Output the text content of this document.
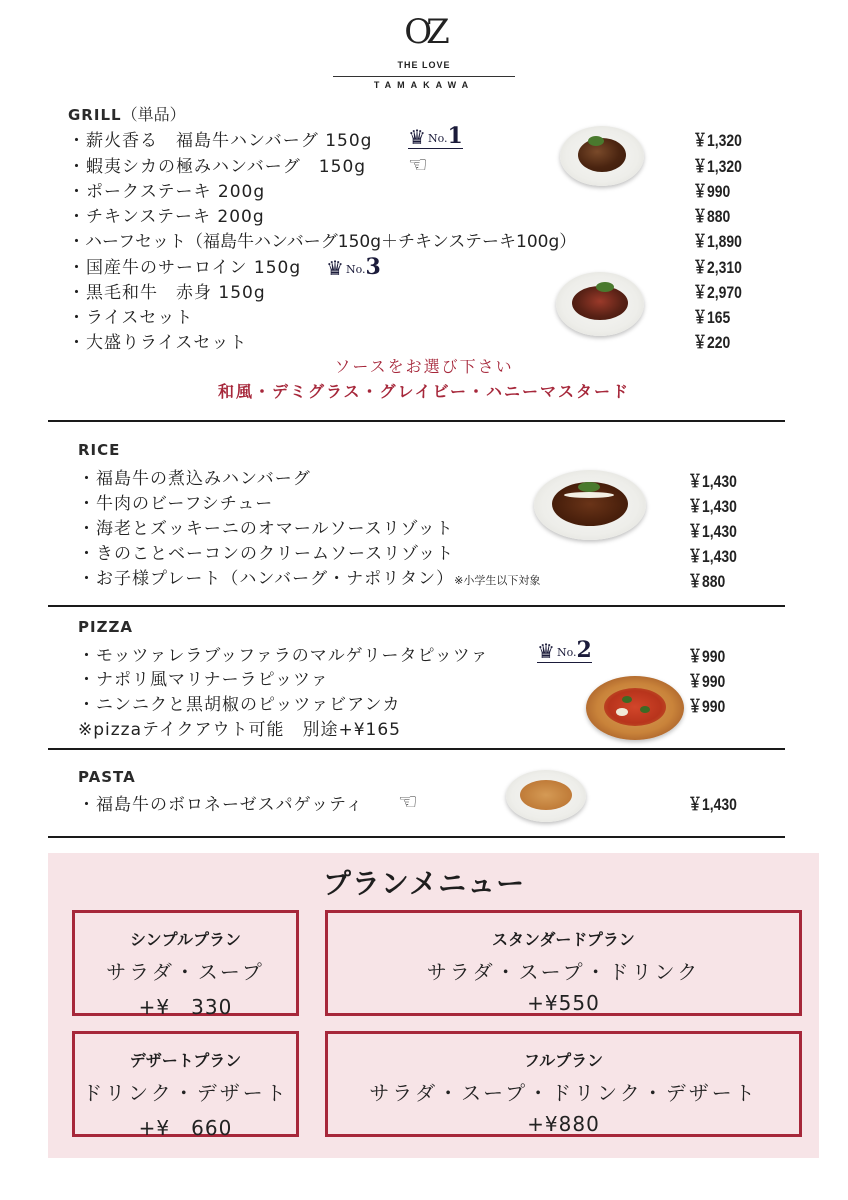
OZ
THE LOVE
TAMAKAWA
GRILL（単品）
・薪火香る　福島牛ハンバーグ 150g	￥1,320
・蝦夷シカの極みハンバーグ　150g	￥1,320
・ポークステーキ 200g	￥990
・チキンステーキ 200g	￥880
・ハーフセット（福島牛ハンバーグ150g＋チキンステーキ100g）	￥1,890
・国産牛のサーロイン 150g	￥2,310
・黒毛和牛　赤身 150g	￥2,970
・ライスセット	￥165
・大盛りライスセット	￥220
♛ No. 1
☜
♛ No. 3
ソースをお選び下さい
和風・デミグラス・グレイビー・ハニーマスタード
RICE
・福島牛の煮込みハンバーグ	￥1,430
・牛肉のビーフシチュー	￥1,430
・海老とズッキーニのオマールソースリゾット	￥1,430
・きのことベーコンのクリームソースリゾット	￥1,430
・お子様プレート（ハンバーグ・ナポリタン）※小学生以下対象	￥880
PIZZA
・モッツァレラブッファラのマルゲリータピッツァ	￥990
・ナポリ風マリナーラピッツァ	￥990
・ニンニクと黒胡椒のピッツァビアンカ	￥990
※pizzaテイクアウト可能　別途+¥165
♛ No. 2
PASTA
・福島牛のボロネーゼスパゲッティ	￥1,430
☜
プランメニュー
シンプルプラン
サラダ・スープ
+¥　330
スタンダードプラン
サラダ・スープ・ドリンク
+¥550
デザートプラン
ドリンク・デザート
+¥　660
フルプラン
サラダ・スープ・ドリンク・デザート
+¥880
